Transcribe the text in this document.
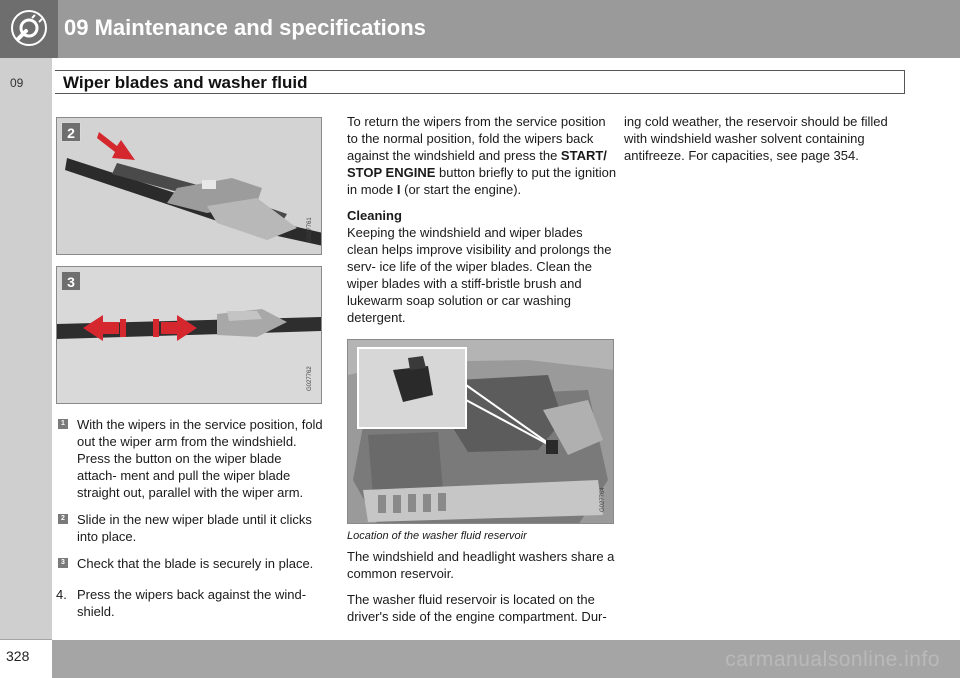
09 Maintenance and specifications
09 Wiper blades and washer fluid
2
G027761
3
G027762
1 With the wipers in the service position, fold out the wiper arm from the windshield. Press the button on the wiper blade attach- ment and pull the wiper blade straight out, parallel with the wiper arm.
2 Slide in the new wiper blade until it clicks into place.
3 Check that the blade is securely in place.
4. Press the wipers back against the wind- shield.

To return the wipers from the service position to the normal position, fold the wipers back against the windshield and press the START/ STOP ENGINE button briefly to put the ignition in mode I (or start the engine).

Cleaning

Keeping the windshield and wiper blades clean helps improve visibility and prolongs the serv- ice life of the wiper blades. Clean the wiper blades with a stiff-bristle brush and lukewarm soap solution or car washing detergent.

G027764
Location of the washer fluid reservoir

The windshield and headlight washers share a common reservoir.

The washer fluid reservoir is located on the driver's side of the engine compartment. Dur-

ing cold weather, the reservoir should be filled with windshield washer solvent containing antifreeze. For capacities, see page 354.

328	carmanualsonline.info
